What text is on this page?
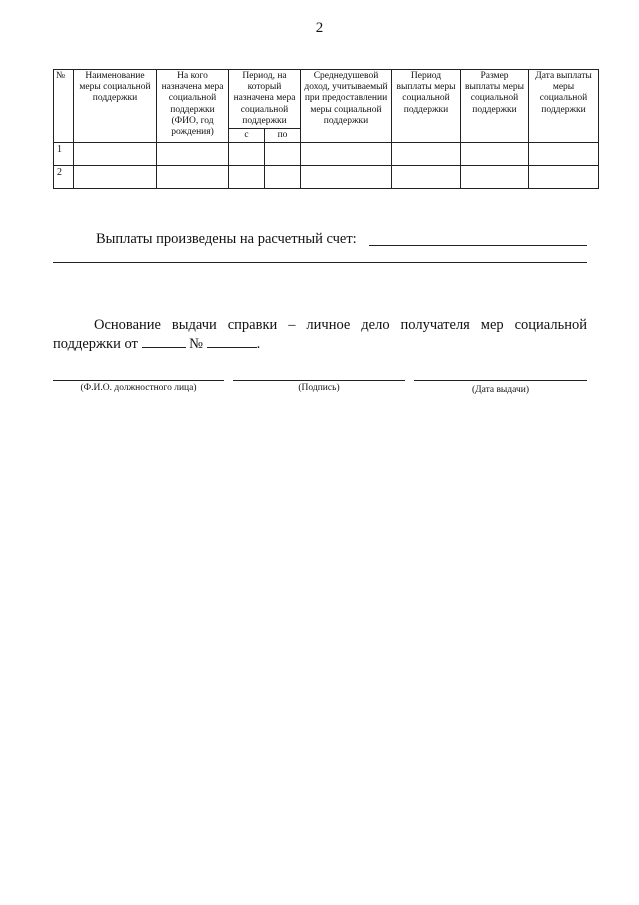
2
№	Наименование меры социальной поддержки	На кого назначена мера социальной поддержки (ФИО, год рождения)	Период, на который назначена мера социальной поддержки		Среднедушевой доход, учитываемый при предоставлении меры социальной поддержки	Период выплаты меры социальной поддержки	Размер выплаты меры социальной поддержки	Дата выплаты меры социальной поддержки
			с	по				
1								
2								
Выплаты произведены на расчетный счет:
Основание выдачи справки – личное дело получателя мер социальной поддержки от	№	.
(Ф.И.О. должностного лица)	(Подпись)	(Дата выдачи)
